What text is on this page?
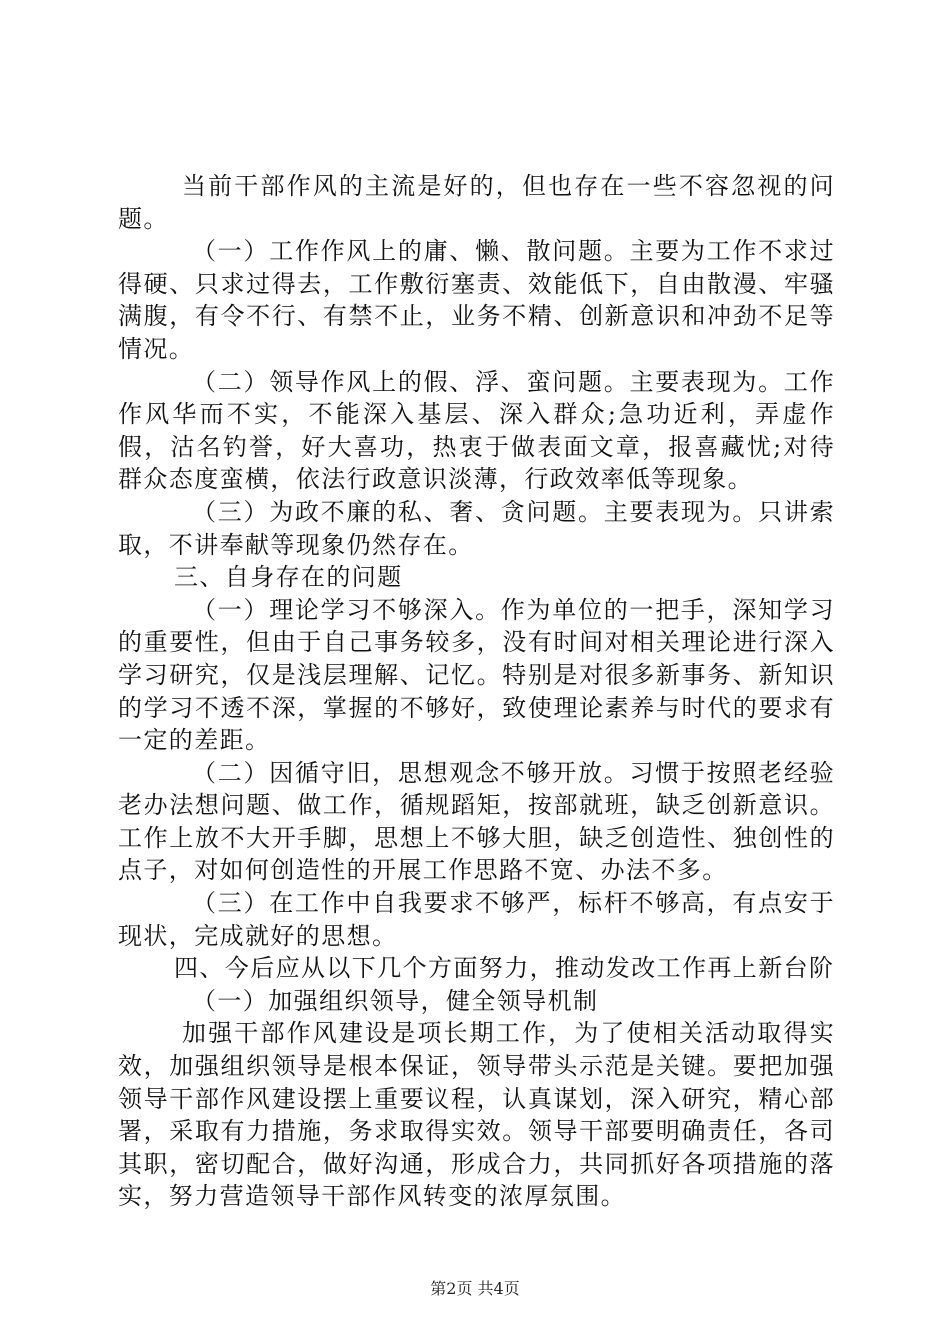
当前干部作风的主流是好的，但也存在一些不容忽视的问题。

（一）工作作风上的庸、懒、散问题。主要为工作不求过得硬、只求过得去，工作敷衍塞责、效能低下，自由散漫、牢骚满腹，有令不行、有禁不止，业务不精、创新意识和冲劲不足等情况。

（二）领导作风上的假、浮、蛮问题。主要表现为。工作作风华而不实，不能深入基层、深入群众;急功近利，弄虚作假，沽名钓誉，好大喜功，热衷于做表面文章，报喜藏忧;对待群众态度蛮横，依法行政意识淡薄，行政效率低等现象。

（三）为政不廉的私、奢、贪问题。主要表现为。只讲索取，不讲奉献等现象仍然存在。

三、自身存在的问题

（一）理论学习不够深入。作为单位的一把手，深知学习的重要性，但由于自己事务较多，没有时间对相关理论进行深入学习研究，仅是浅层理解、记忆。特别是对很多新事务、新知识的学习不透不深，掌握的不够好，致使理论素养与时代的要求有一定的差距。

（二）因循守旧，思想观念不够开放。习惯于按照老经验老办法想问题、做工作，循规蹈矩，按部就班，缺乏创新意识。工作上放不大开手脚，思想上不够大胆，缺乏创造性、独创性的点子，对如何创造性的开展工作思路不宽、办法不多。

（三）在工作中自我要求不够严，标杆不够高，有点安于现状，完成就好的思想。

四、今后应从以下几个方面努力，推动发改工作再上新台阶

（一）加强组织领导，健全领导机制

加强干部作风建设是项长期工作，为了使相关活动取得实效，加强组织领导是根本保证，领导带头示范是关键。要把加强领导干部作风建设摆上重要议程，认真谋划，深入研究，精心部署，采取有力措施，务求取得实效。领导干部要明确责任，各司其职，密切配合，做好沟通，形成合力，共同抓好各项措施的落实，努力营造领导干部作风转变的浓厚氛围。

第2页 共4页
